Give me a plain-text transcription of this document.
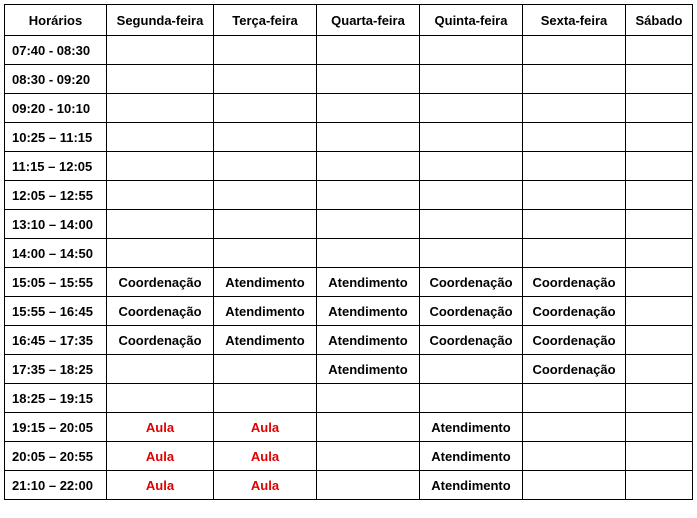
Horários	Segunda-feira	Terça-feira	Quarta-feira	Quinta-feira	Sexta-feira	Sábado
07:40 - 08:30						
08:30 - 09:20						
09:20 - 10:10						
10:25 – 11:15						
11:15 – 12:05						
12:05 – 12:55						
13:10 – 14:00						
14:00 – 14:50						
15:05 – 15:55	Coordenação	Atendimento	Atendimento	Coordenação	Coordenação	
15:55 – 16:45	Coordenação	Atendimento	Atendimento	Coordenação	Coordenação	
16:45 – 17:35	Coordenação	Atendimento	Atendimento	Coordenação	Coordenação	
17:35 – 18:25			Atendimento		Coordenação	
18:25 – 19:15						
19:15 – 20:05	Aula	Aula		Atendimento		
20:05 – 20:55	Aula	Aula		Atendimento		
21:10 – 22:00	Aula	Aula		Atendimento		
